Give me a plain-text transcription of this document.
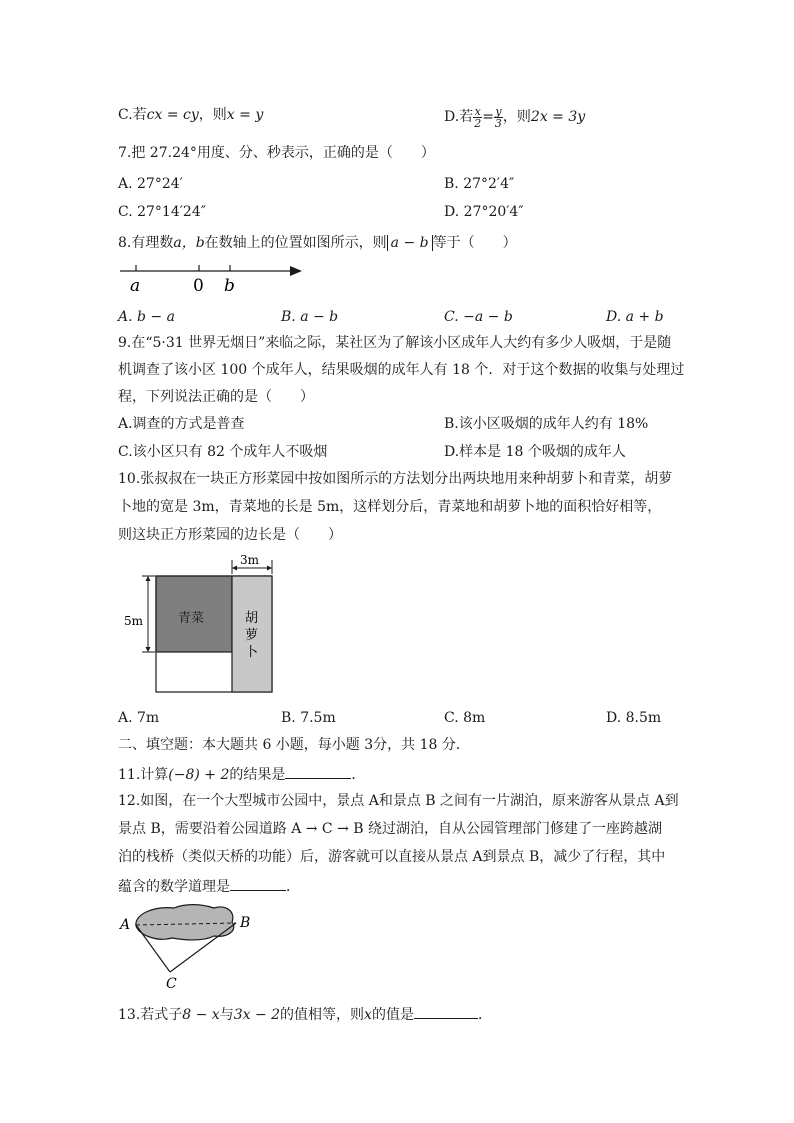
C.若cx = cy，则x = y	D.若 $\frac{x}{2} = \frac{y}{3}$ ，则2x = 3y
7.把 27.24°用度、分、秒表示，正确的是（　　）
A. 27°24′	B. 27°2′4″
C. 27°14′24″	D. 27°20′4″
8.有理数a，b在数轴上的位置如图所示，则 a − b 等于（　　）
a	0 b
A. b − a	B. a − b	C. −a − b	D. a + b
9.在“5·31 世界无烟日”来临之际，某社区为了解该小区成年人大约有多少人吸烟，于是随
机调查了该小区 100 个成年人，结果吸烟的成年人有 18 个．对于这个数据的收集与处理过
程，下列说法正确的是（　　）
A.调查的方式是普查	B.该小区吸烟的成年人约有 18%
C.该小区只有 82 个成年人不吸烟	D.样本是 18 个吸烟的成年人
10.张叔叔在一块正方形菜园中按如图所示的方法划分出两块地用来种胡萝卜和青菜，胡萝
卜地的宽是 3m，青菜地的长是 5m，这样划分后，青菜地和胡萝卜地的面积恰好相等，
则这块正方形菜园的边长是（　　）
3m
5m	青菜	胡
萝
卜
A. 7m	B. 7.5m	C. 8m	D. 8.5m
二、填空题：本大题共 6 小题，每小题 3分，共 18 分．
11.计算(−8) + 2的结果是	．
12.如图，在一个大型城市公园中，景点 A和景点 B 之间有一片湖泊，原来游客从景点 A到
景点 B，需要沿着公园道路 A → C → B 绕过湖泊，自从公园管理部门修建了一座跨越湖
泊的栈桥（类似天桥的功能）后，游客就可以直接从景点 A到景点 B，减少了行程，其中
蕴含的数学道理是	．
A	B
C
13.若式子8 − x与3x − 2的值相等，则x的值是	．
